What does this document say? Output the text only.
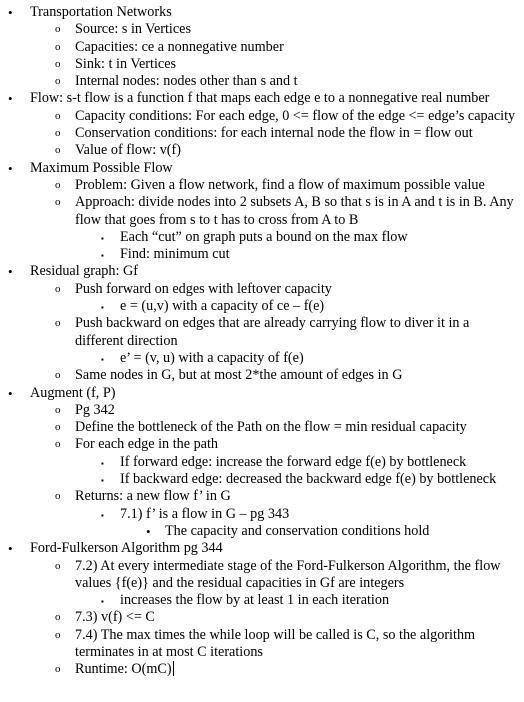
• Transportation Networks
o Source: s in Vertices
o Capacities: ce a nonnegative number
o Sink: t in Vertices
o Internal nodes: nodes other than s and t
• Flow: s-t flow is a function f that maps each edge e to a nonnegative real number
o Capacity conditions: For each edge, 0 <= flow of the edge <= edge’s capacity
o Conservation conditions: for each internal node the flow in = flow out
o Value of flow: v(f)
• Maximum Possible Flow
o Problem: Given a flow network, find a flow of maximum possible value
o Approach: divide nodes into 2 subsets A, B so that s is in A and t is in B. Any flow that goes from s to t has to cross from A to B
▪ Each “cut” on graph puts a bound on the max flow
▪ Find: minimum cut
• Residual graph: Gf
o Push forward on edges with leftover capacity
▪ e = (u,v) with a capacity of ce – f(e)
o Push backward on edges that are already carrying flow to diver it in a different direction
▪ e’ = (v, u) with a capacity of f(e)
o Same nodes in G, but at most 2*the amount of edges in G
• Augment (f, P)
o Pg 342
o Define the bottleneck of the Path on the flow = min residual capacity
o For each edge in the path
▪ If forward edge: increase the forward edge f(e) by bottleneck
▪ If backward edge: decreased the backward edge f(e) by bottleneck
o Returns: a new flow f’ in G
▪ 7.1) f’ is a flow in G – pg 343
• The capacity and conservation conditions hold
• Ford-Fulkerson Algorithm pg 344
o 7.2) At every intermediate stage of the Ford-Fulkerson Algorithm, the flow values {f(e)} and the residual capacities in Gf are integers
▪ increases the flow by at least 1 in each iteration
o 7.3) v(f) <= C
o 7.4) The max times the while loop will be called is C, so the algorithm terminates in at most C iterations
o Runtime: O(mC)
